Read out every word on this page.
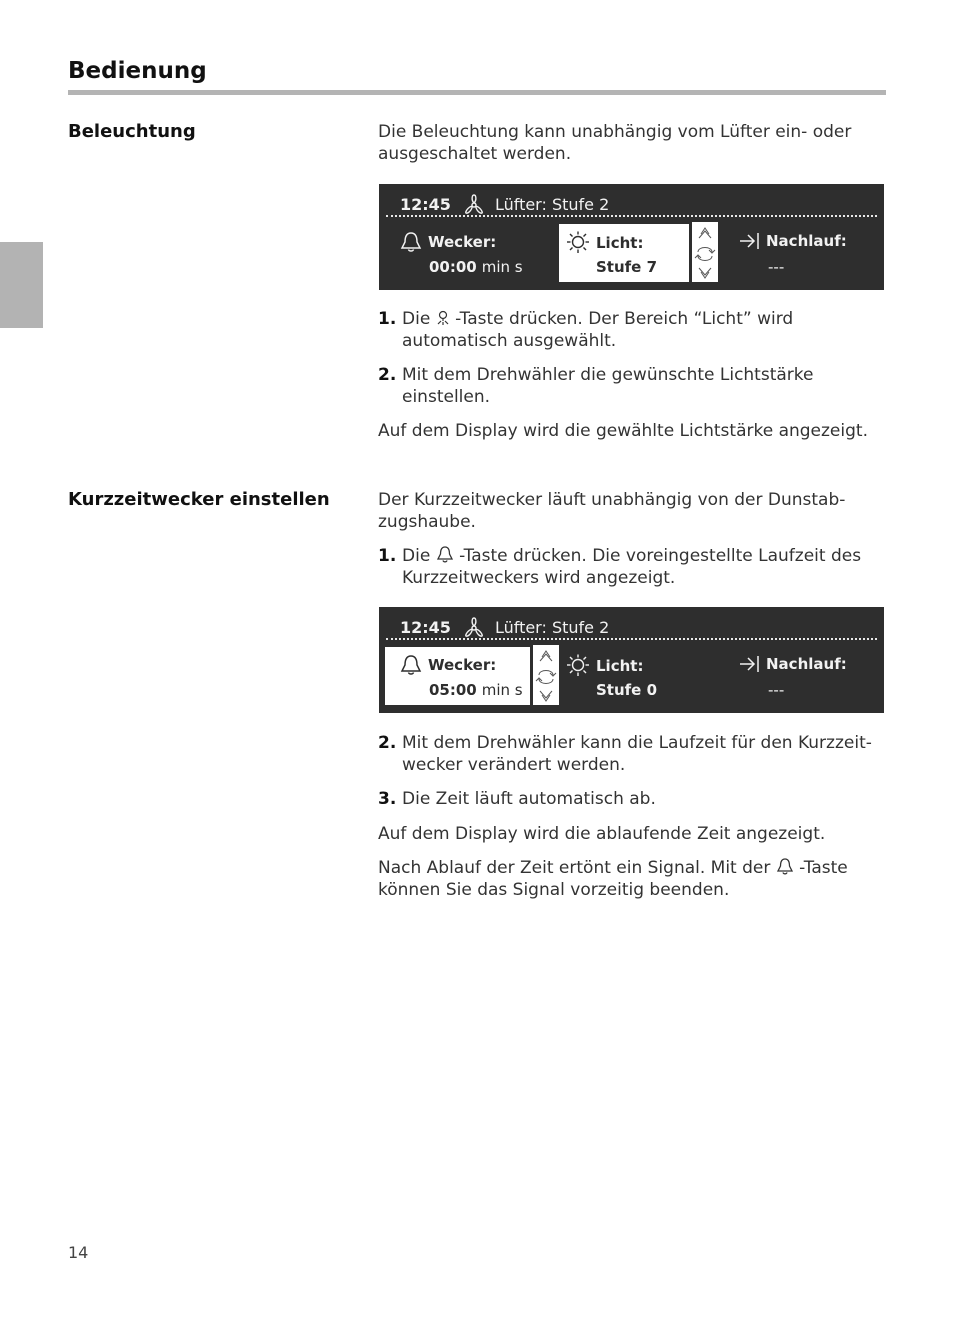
Bedienung
Beleuchtung	Die Beleuchtung kann unabhängig vom Lüfter ein- oder ausgeschaltet werden.

12:45	Lüfter: Stufe 2
Wecker:
00:00 min s
Licht:
Stufe 7
Nachlauf:
---
1. Die  -Taste drücken. Der Bereich “Licht” wird automatisch ausgewählt.
2. Mit dem Drehwähler die gewünschte Lichtstärke einstellen.

Auf dem Display wird die gewählte Lichtstärke angezeigt.

Kurzzeitwecker einstellen	Der Kurzzeitwecker läuft unabhängig von der Dunstab-zugshaube.

1. Die  -Taste drücken. Die voreingestellte Laufzeit des Kurzzeitweckers wird angezeigt.
12:45	Lüfter: Stufe 2
Wecker:
05:00 min s
Licht:
Stufe 0
Nachlauf:
---
2. Mit dem Drehwähler kann die Laufzeit für den Kurzzeit-wecker verändert werden.
3. Die Zeit läuft automatisch ab.

Auf dem Display wird die ablaufende Zeit angezeigt.

Nach Ablauf der Zeit ertönt ein Signal. Mit der  -Taste können Sie das Signal vorzeitig beenden.

14
